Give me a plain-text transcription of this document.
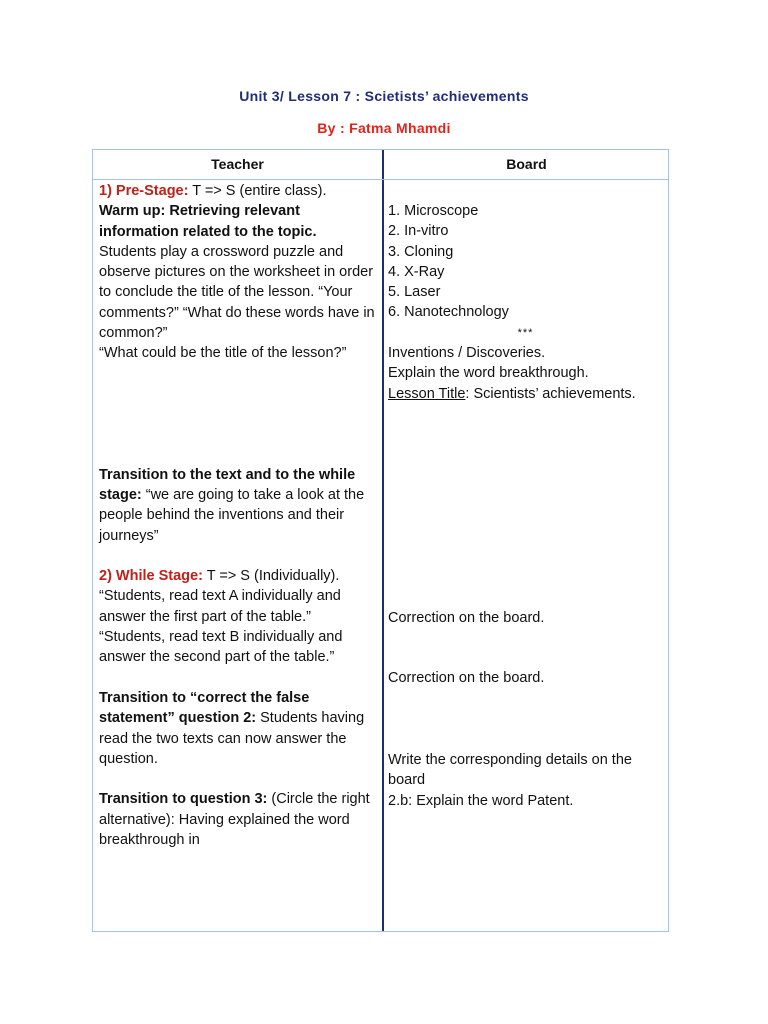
Unit 3/ Lesson 7 : Scietists’ achievements
By : Fatma Mhamdi
Teacher	Board

1) Pre-Stage: T => S (entire class).

Warm up: Retrieving relevant information related to the topic.

Students play a crossword puzzle and observe pictures on the worksheet in order to conclude the title of the lesson. “Your comments?” “What do these words have in common?”

“What could be the title of the lesson?”

Transition to the text and to the while stage: “we are going to take a look at the people behind the inventions and their journeys”

2) While Stage: T => S (Individually).

“Students, read text A individually and answer the first part of the table.”

“Students, read text B individually and answer the second part of the table.”

Transition to “correct the false statement” question 2: Students having read the two texts can now answer the question.

Transition to question 3: (Circle the right alternative): Having explained the word breakthrough in

1. Microscope

2. In-vitro

3. Cloning

4. X-Ray

5. Laser

6. Nanotechnology

***

Inventions / Discoveries.

Explain the word breakthrough.

Lesson Title: Scientists’ achievements.

Correction on the board.
Correction on the board.

Write the corresponding details on the board

2.b: Explain the word Patent.
